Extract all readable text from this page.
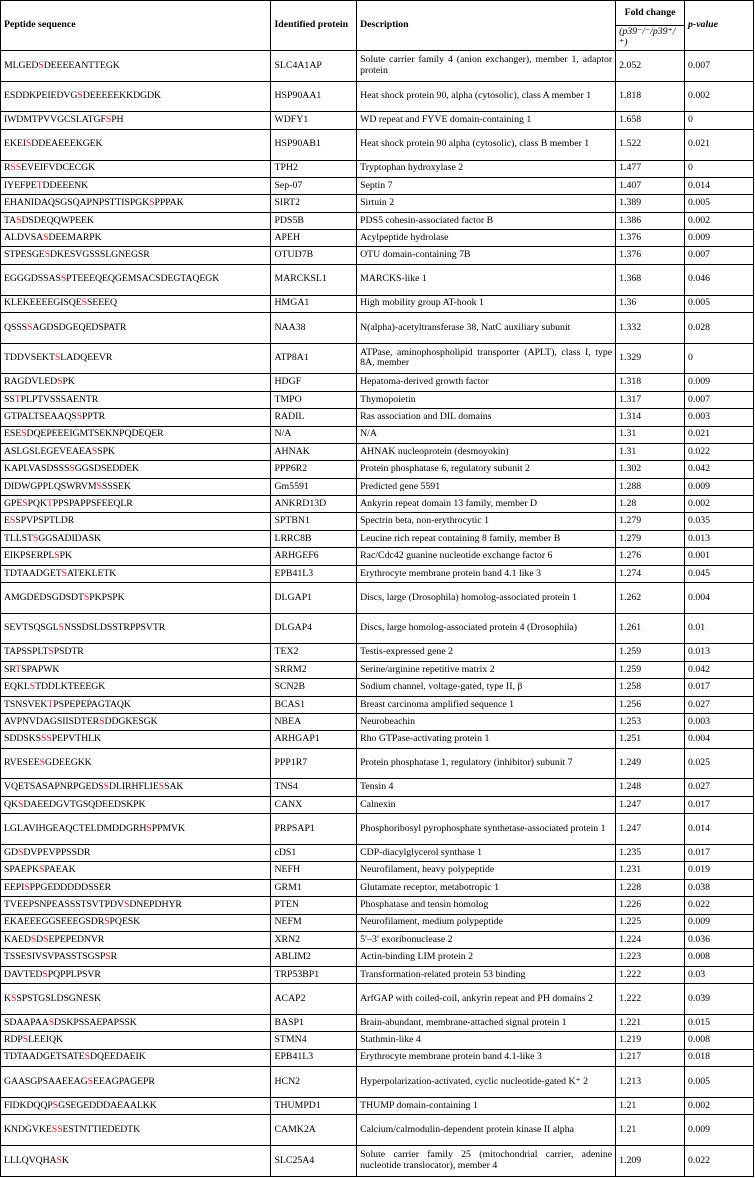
Peptide sequence	Identified protein	Description	Fold change	p-value
			(p39⁻/⁻/p39⁺/⁺)	
MLGEDSDEEEEANTTEGK	SLC4A1AP	Solute carrier family 4 (anion exchanger), member 1, adaptor protein	2.052	0.007
ESDDKPEIEDVGSDEEEEEKKDGDK	HSP90AA1	Heat shock protein 90, alpha (cytosolic), class A member 1	1.818	0.002
IWDMTPVVGCSLATGFSPH	WDFY1	WD repeat and FYVE domain-containing 1	1.658	0
EKEISDDEAEEEKGEK	HSP90AB1	Heat shock protein 90 alpha (cytosolic), class B member 1	1.522	0.021
RSSEVEIFVDCECGK	TPH2	Tryptophan hydroxylase 2	1.477	0
IYEFPETDDEEENK	Sep-07	Septin 7	1.407	0.014
EHANIDAQSGSQAPNPSTTISPGKSPPPAK	SIRT2	Sirtuin 2	1.389	0.005
TASDSDEQQWPEEK	PDS5B	PDS5 cohesin-associated factor B	1.386	0.002
ALDVSASDEEMARPK	APEH	Acylpeptide hydrolase	1.376	0.009
STPESGESDKESVGSSSLGNEGSR	OTUD7B	OTU domain-containing 7B	1.376	0.007
EGGGDSSASSPTEEEQEQGEMSACSDEGTAQEGK	MARCKSL1	MARCKS-like 1	1.368	0.046
KLEKEEEEGISQESSEEEQ	HMGA1	High mobility group AT-hook 1	1.36	0.005
QSSSSAGDSDGEQEDSPATR	NAA38	N(alpha)-acetyltransferase 38, NatC auxiliary subunit	1.332	0.028
TDDVSEKTSLADQEEVR	ATP8A1	ATPase, aminophospholipid transporter (APLT), class I, type 8A, member	1.329	0
RAGDVLEDSPK	HDGF	Hepatoma-derived growth factor	1.318	0.009
SSTPLPTVSSSAENTR	TMPO	Thymopoietin	1.317	0.007
GTPALTSEAAQSSPPTR	RADIL	Ras association and DIL domains	1.314	0.003
ESESDQEPEEEIGMTSEKNPQDEQER	N/A	N/A	1.31	0.021
ASLGSLEGEVEAEASSPK	AHNAK	AHNAK nucleoprotein (desmoyokin)	1.31	0.022
KAPLVASDSSSSGGSDSEDDEK	PPP6R2	Protein phosphatase 6, regulatory subunit 2	1.302	0.042
DIDWGPPLQSWRVMSSSSEK	Gm5591	Predicted gene 5591	1.288	0.009
GPESPQKTPPSPAPPSFEEQLR	ANKRD13D	Ankyrin repeat domain 13 family, member D	1.28	0.002
ESSPVPSPTLDR	SPTBN1	Spectrin beta, non-erythrocytic 1	1.279	0.035
TLLSTSGGSADIDASK	LRRC8B	Leucine rich repeat containing 8 family, member B	1.279	0.013
EIKPSERPLSPK	ARHGEF6	Rac/Cdc42 guanine nucleotide exchange factor 6	1.276	0.001
TDTAADGETSATEKLETK	EPB41L3	Erythrocyte membrane protein band 4.1 like 3	1.274	0.045
AMGDEDSGDSDTSPKPSPK	DLGAP1	Discs, large (Drosophila) homolog-associated protein 1	1.262	0.004
SEVTSQSGLSNSSDSLDSSTRPPSVTR	DLGAP4	Discs, large homolog-associated protein 4 (Drosophila)	1.261	0.01
TAPSSPLTSPSDTR	TEX2	Testis-expressed gene 2	1.259	0.013
SRTSPAPWK	SRRM2	Serine/arginine repetitive matrix 2	1.259	0.042
EQKLSTDDLKTEEEGK	SCN2B	Sodium channel, voltage-gated, type II, β	1.258	0.017
TSNSVEKTPSPEPEPAGTAQK	BCAS1	Breast carcinoma amplified sequence 1	1.256	0.027
AVPNVDAGSIISDTERSDDGKESGK	NBEA	Neurobeachin	1.253	0.003
SDDSKSSSPEPVTHLK	ARHGAP1	Rho GTPase-activating protein 1	1.251	0.004
RVESEESGDEEGKK	PPP1R7	Protein phosphatase 1, regulatory (inhibitor) subunit 7	1.249	0.025
VQETSASAPNRPGEDSSDLIRHFLIESSAK	TNS4	Tensin 4	1.248	0.027
QKSDAEEDGVTGSQDEEDSKPK	CANX	Calnexin	1.247	0.017
LGLAVIHGEAQCTELDMDDGRHSPPMVK	PRPSAP1	Phosphoribosyl pyrophosphate synthetase-associated protein 1	1.247	0.014
GDSDVPEVPPSSDR	cDS1	CDP-diacylglycerol synthase 1	1.235	0.017
SPAEPKSPAEAK	NEFH	Neurofilament, heavy polypeptide	1.231	0.019
EEPISPPGEDDDDDSSER	GRM1	Glutamate receptor, metabotropic 1	1.228	0.038
TVEEPSNPEASSSTSVTPDVSDNEPDHYR	PTEN	Phosphatase and tensin homolog	1.226	0.022
EKAEEEGGSEEEGSDRSPQESK	NEFM	Neurofilament, medium polypeptide	1.225	0.009
KAEDSDSEPEPEDNVR	XRN2	5′–3′ exoribonuclease 2	1.224	0.036
TSSESIVSVPASSTSGSPSR	ABLIM2	Actin-binding LIM protein 2	1.223	0.008
DAVTEDSPQPPLPSVR	TRP53BP1	Transformation-related protein 53 binding	1.222	0.03
KSSPSTGSLDSGNESK	ACAP2	ArfGAP with coiled-coil, ankyrin repeat and PH domains 2	1.222	0.039
SDAAPAASDSKPSSAEPAPSSK	BASP1	Brain-abundant, membrane-attached signal protein 1	1.221	0.015
RDPSLEEIQK	STMN4	Stathmin-like 4	1.219	0.008
TDTAADGETSATESDQEEDAEIK	EPB41L3	Erythrocyte membrane protein band 4.1-like 3	1.217	0.018
GAASGPSAAEEAGSEEAGPAGEPR	HCN2	Hyperpolarization-activated, cyclic nucleotide-gated K⁺ 2	1.213	0.005
FIDKDQQPSGSEGEDDDAEAALKK	THUMPD1	THUMP domain-containing 1	1.21	0.002
KNDGVKESSESTNTTIEDEDTK	CAMK2A	Calcium/calmodulin-dependent protein kinase II alpha	1.21	0.009
LLLQVQHASK	SLC25A4	Solute carrier family 25 (mitochondrial carrier, adenine nucleotide translocator), member 4	1.209	0.022
